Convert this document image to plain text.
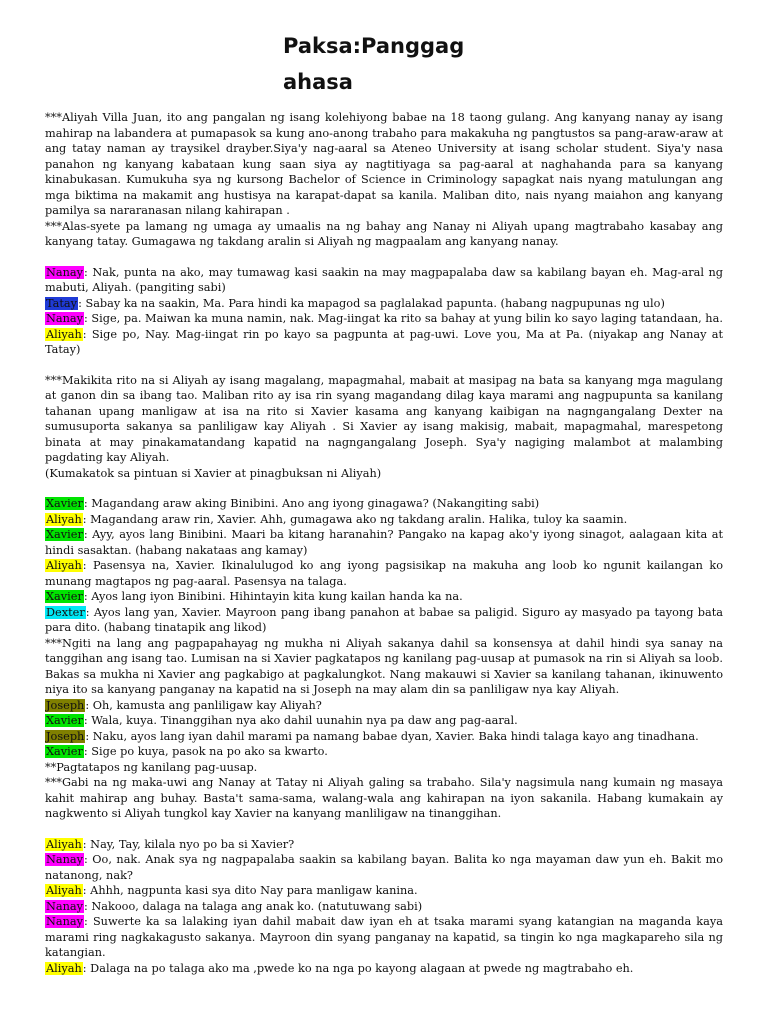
Paksa:Panggag
ahasa

***Aliyah Villa Juan, ito ang pangalan ng isang kolehiyong babae na 18 taong gulang. Ang kanyang nanay ay isang mahirap na labandera at pumapasok sa kung ano-anong trabaho para makakuha ng pangtustos sa pang-araw-araw at ang tatay naman ay traysikel drayber.Siya'y nag-aaral sa Ateneo University at isang scholar student. Siya'y nasa panahon ng kanyang kabataan kung saan siya ay nagtitiyaga sa pag-aaral at naghahanda para sa kanyang kinabukasan. Kumukuha sya ng kursong Bachelor of Science in Criminology sapagkat nais nyang matulungan ang mga biktima na makamit ang hustisya na karapat-dapat sa kanila. Maliban dito, nais nyang maiahon ang kanyang pamilya sa nararanasan nilang kahirapan .

***Alas-syete pa lamang ng umaga ay umaalis na ng bahay ang Nanay ni Aliyah upang magtrabaho kasabay ang kanyang tatay. Gumagawa ng takdang aralin si Aliyah ng magpaalam ang kanyang nanay.

Nanay: Nak, punta na ako, may tumawag kasi saakin na may magpapalaba daw sa kabilang bayan eh. Mag-aral ng mabuti, Aliyah. (pangiting sabi)

Tatay: Sabay ka na saakin, Ma. Para hindi ka mapagod sa paglalakad papunta. (habang nagpupunas ng ulo)

Nanay: Sige, pa. Maiwan ka muna namin, nak. Mag-iingat ka rito sa bahay at yung bilin ko sayo laging tatandaan, ha.

Aliyah: Sige po, Nay. Mag-iingat rin po kayo sa pagpunta at pag-uwi. Love you, Ma at Pa. (niyakap ang Nanay at Tatay)

***Makikita rito na si Aliyah ay isang magalang, mapagmahal, mabait at masipag na bata sa kanyang mga magulang at ganon din sa ibang tao. Maliban rito ay isa rin syang magandang dilag kaya marami ang nagpupunta sa kanilang tahanan upang manligaw at isa na rito si Xavier kasama ang kanyang kaibigan na nagngangalang Dexter na sumusuporta sakanya sa panliligaw kay Aliyah . Si Xavier ay isang makisig, mabait, mapagmahal, marespetong binata at may pinakamatandang kapatid na nagngangalang Joseph. Sya'y nagiging malambot at malambing pagdating kay Aliyah.

(Kumakatok sa pintuan si Xavier at pinagbuksan ni Aliyah)

Xavier: Magandang araw aking Binibini. Ano ang iyong ginagawa? (Nakangiting sabi)

Aliyah: Magandang araw rin, Xavier. Ahh, gumagawa ako ng takdang aralin. Halika, tuloy ka saamin.

Xavier: Ayy, ayos lang Binibini. Maari ba kitang haranahin? Pangako na kapag ako'y iyong sinagot, aalagaan kita at hindi sasaktan. (habang nakataas ang kamay)

Aliyah: Pasensya na, Xavier. Ikinalulugod ko ang iyong pagsisikap na makuha ang loob ko ngunit kailangan ko munang magtapos ng pag-aaral. Pasensya na talaga.

Xavier: Ayos lang iyon Binibini. Hihintayin kita kung kailan handa ka na.

Dexter: Ayos lang yan, Xavier. Mayroon pang ibang panahon at babae sa paligid. Siguro ay masyado pa tayong bata para dito. (habang tinatapik ang likod)

***Ngiti na lang ang pagpapahayag ng mukha ni Aliyah sakanya dahil sa konsensya at dahil hindi sya sanay na tanggihan ang isang tao. Lumisan na si Xavier pagkatapos ng kanilang pag-uusap at pumasok na rin si Aliyah sa loob. Bakas sa mukha ni Xavier ang pagkabigo at pagkalungkot. Nang makauwi si Xavier sa kanilang tahanan, ikinuwento niya ito sa kanyang panganay na kapatid na si Joseph na may alam din sa panliligaw nya kay Aliyah.

Joseph: Oh, kamusta ang panliligaw kay Aliyah?

Xavier: Wala, kuya. Tinanggihan nya ako dahil uunahin nya pa daw ang pag-aaral.

Joseph: Naku, ayos lang iyan dahil marami pa namang babae dyan, Xavier. Baka hindi talaga kayo ang tinadhana.

Xavier: Sige po kuya, pasok na po ako sa kwarto.

**Pagtatapos ng kanilang pag-uusap.

***Gabi na ng maka-uwi ang Nanay at Tatay ni Aliyah galing sa trabaho. Sila'y nagsimula nang kumain ng masaya kahit mahirap ang buhay. Basta't sama-sama, walang-wala ang kahirapan na iyon sakanila. Habang kumakain ay nagkwento si Aliyah tungkol kay Xavier na kanyang manliligaw na tinanggihan.

Aliyah: Nay, Tay, kilala nyo po ba si Xavier?

Nanay: Oo, nak. Anak sya ng nagpapalaba saakin sa kabilang bayan. Balita ko nga mayaman daw yun eh. Bakit mo natanong, nak?

Aliyah: Ahhh, nagpunta kasi sya dito Nay para manligaw kanina.

Nanay: Nakooo, dalaga na talaga ang anak ko. (natutuwang sabi)

Nanay: Suwerte ka sa lalaking iyan dahil mabait daw iyan eh at tsaka marami syang katangian na maganda kaya marami ring nagkakagusto sakanya. Mayroon din syang panganay na kapatid, sa tingin ko nga magkapareho sila ng katangian.

Aliyah: Dalaga na po talaga ako ma ,pwede ko na nga po kayong alagaan at pwede ng magtrabaho eh.
